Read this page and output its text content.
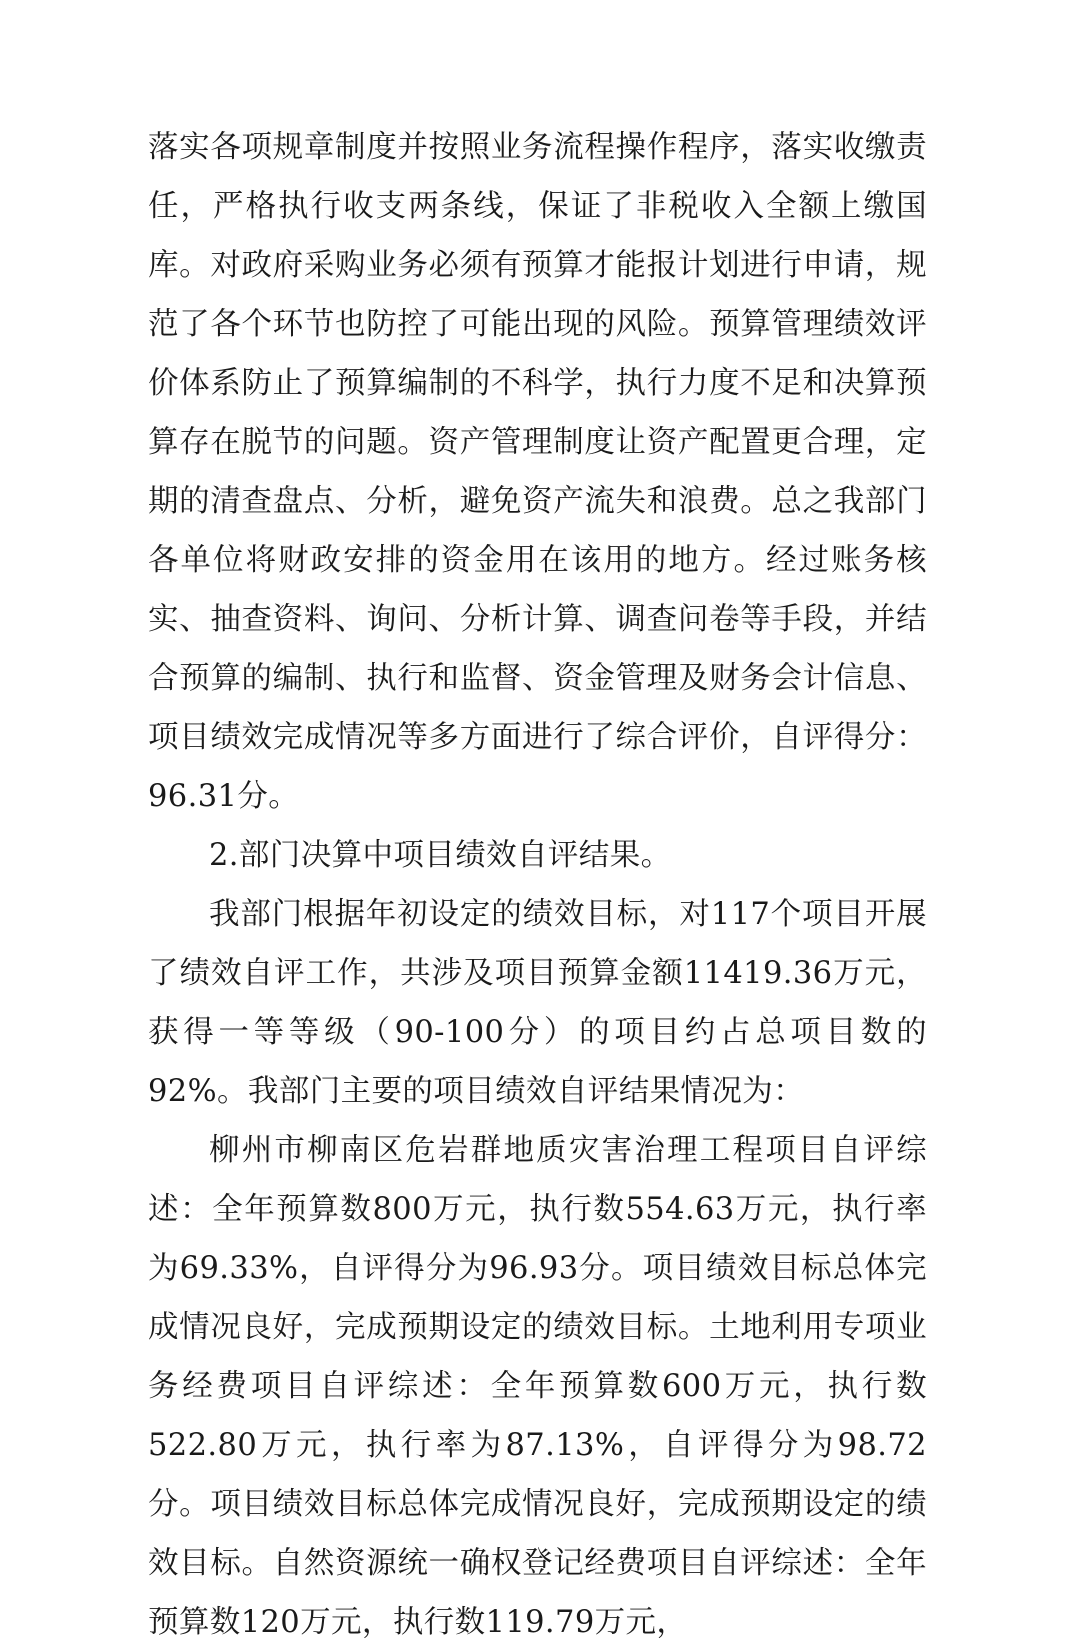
落实各项规章制度并按照业务流程操作程序，落实收缴责任，严格执行收支两条线，保证了非税收入全额上缴国库。对政府采购业务必须有预算才能报计划进行申请，规范了各个环节也防控了可能出现的风险。预算管理绩效评价体系防止了预算编制的不科学，执行力度不足和决算预算存在脱节的问题。资产管理制度让资产配置更合理，定期的清查盘点、分析，避免资产流失和浪费。总之我部门各单位将财政安排的资金用在该用的地方。经过账务核实、抽查资料、询问、分析计算、调查问卷等手段，并结合预算的编制、执行和监督、资金管理及财务会计信息、项目绩效完成情况等多方面进行了综合评价，自评得分：96.31分。

2.部门决算中项目绩效自评结果。

我部门根据年初设定的绩效目标，对117个项目开展了绩效自评工作，共涉及项目预算金额11419.36万元，获得一等等级（90-100分）的项目约占总项目数的92%。我部门主要的项目绩效自评结果情况为：

柳州市柳南区危岩群地质灾害治理工程项目自评综述：全年预算数800万元，执行数554.63万元，执行率为69.33%，自评得分为96.93分。项目绩效目标总体完成情况良好，完成预期设定的绩效目标。土地利用专项业务经费项目自评综述：全年预算数600万元，执行数522.80万元，执行率为87.13%，自评得分为98.72分。项目绩效目标总体完成情况良好，完成预期设定的绩效目标。自然资源统一确权登记经费项目自评综述：全年预算数120万元，执行数119.79万元，
